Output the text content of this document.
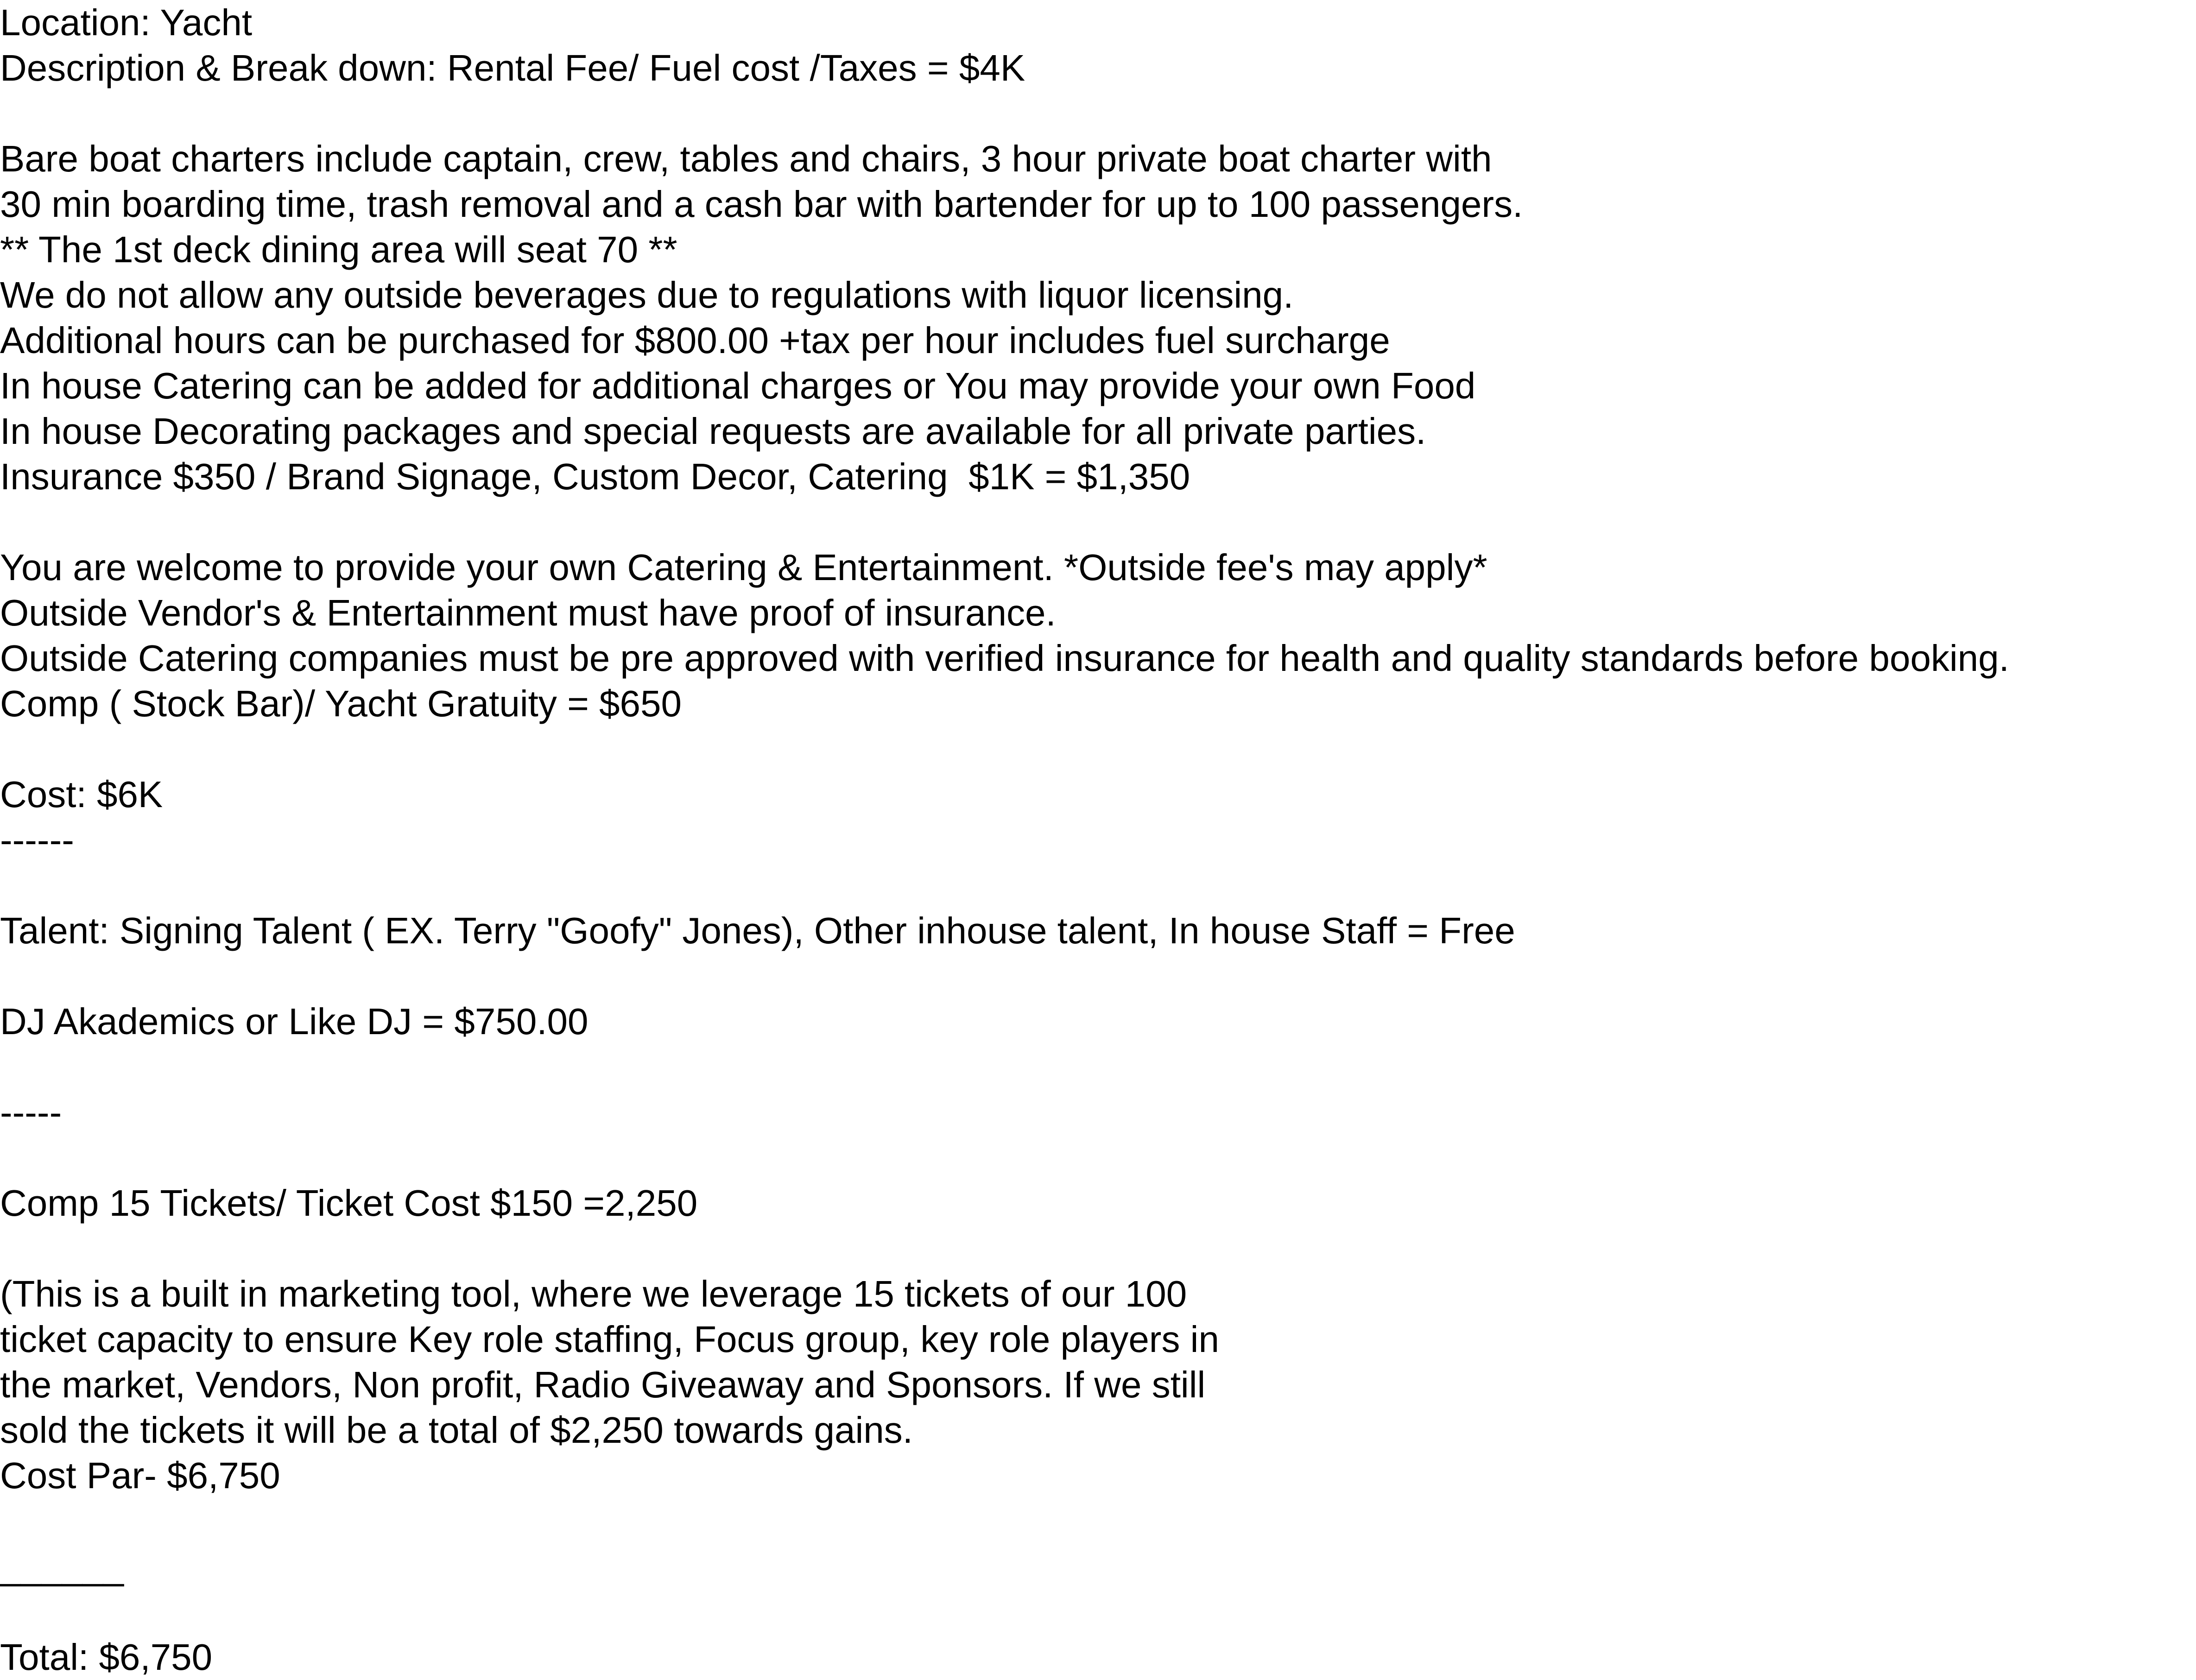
Location: Yacht
Description & Break down: Rental Fee/ Fuel cost /Taxes = $4K
Bare boat charters include captain, crew, tables and chairs, 3 hour private boat charter with
30 min boarding time, trash removal and a cash bar with bartender for up to 100 passengers.
** The 1st deck dining area will seat 70 **
We do not allow any outside beverages due to regulations with liquor licensing.
Additional hours can be purchased for $800.00 +tax per hour includes fuel surcharge
In house Catering can be added for additional charges or You may provide your own Food
In house Decorating packages and special requests are available for all private parties.
Insurance $350 / Brand Signage, Custom Decor, Catering  $1K = $1,350
You are welcome to provide your own Catering & Entertainment. *Outside fee's may apply*
Outside Vendor's & Entertainment must have proof of insurance.
Outside Catering companies must be pre approved with verified insurance for health and quality standards before booking.
Comp ( Stock Bar)/ Yacht Gratuity = $650
Cost: $6K
------
Talent: Signing Talent ( EX. Terry "Goofy" Jones), Other inhouse talent, In house Staff = Free
DJ Akademics or Like DJ = $750.00
-----
Comp 15 Tickets/ Ticket Cost $150 =2,250
(This is a built in marketing tool, where we leverage 15 tickets of our 100
ticket capacity to ensure Key role staffing, Focus group, key role players in
the market, Vendors, Non profit, Radio Giveaway and Sponsors. If we still
sold the tickets it will be a total of $2,250 towards gains.
Cost Par- $6,750
______
Total: $6,750
